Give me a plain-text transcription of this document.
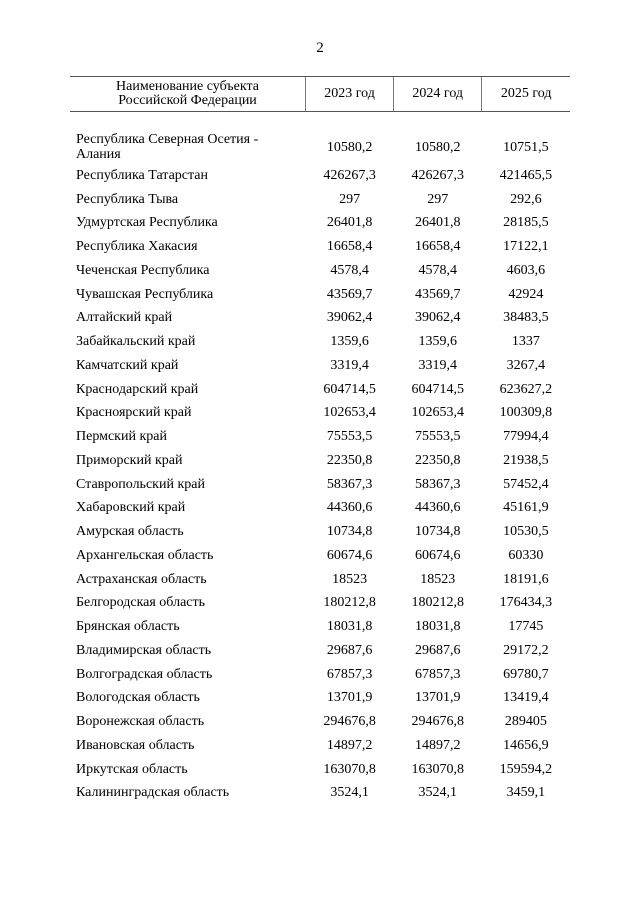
2
Наименование субъекта
Российской Федерации	2023 год	2024 год	2025 год

Республика Северная Осетия -
Алания	10580,2	10580,2	10751,5
Республика Татарстан	426267,3	426267,3	421465,5
Республика Тыва	297	297	292,6
Удмуртская Республика	26401,8	26401,8	28185,5
Республика Хакасия	16658,4	16658,4	17122,1
Чеченская Республика	4578,4	4578,4	4603,6
Чувашская Республика	43569,7	43569,7	42924
Алтайский край	39062,4	39062,4	38483,5
Забайкальский край	1359,6	1359,6	1337
Камчатский край	3319,4	3319,4	3267,4
Краснодарский край	604714,5	604714,5	623627,2
Красноярский край	102653,4	102653,4	100309,8
Пермский край	75553,5	75553,5	77994,4
Приморский край	22350,8	22350,8	21938,5
Ставропольский край	58367,3	58367,3	57452,4
Хабаровский край	44360,6	44360,6	45161,9
Амурская область	10734,8	10734,8	10530,5
Архангельская область	60674,6	60674,6	60330
Астраханская область	18523	18523	18191,6
Белгородская область	180212,8	180212,8	176434,3
Брянская область	18031,8	18031,8	17745
Владимирская область	29687,6	29687,6	29172,2
Волгоградская область	67857,3	67857,3	69780,7
Вологодская область	13701,9	13701,9	13419,4
Воронежская область	294676,8	294676,8	289405
Ивановская область	14897,2	14897,2	14656,9
Иркутская область	163070,8	163070,8	159594,2
Калининградская область	3524,1	3524,1	3459,1
